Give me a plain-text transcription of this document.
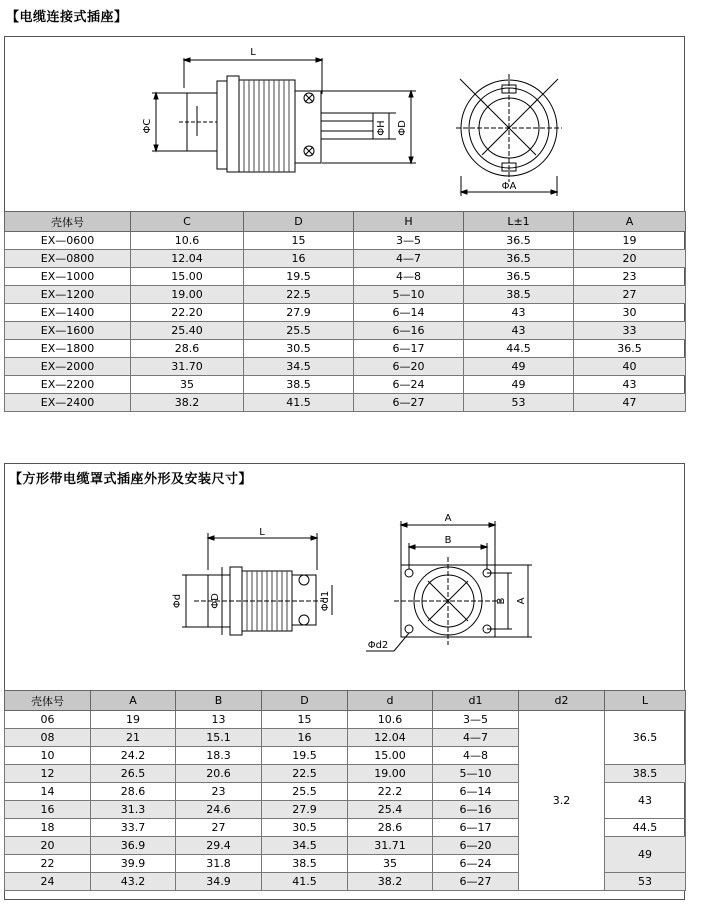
【电缆连接式插座】
L
ΦC	ΦH ΦD
ΦA
壳体号	C	D	H	L±1	A
EX—0600	10.6	15	3—5	36.5	19
EX—0800	12.04	16	4—7	36.5	20
EX—1000	15.00	19.5	4—8	36.5	23
EX—1200	19.00	22.5	5—10	38.5	27
EX—1400	22.20	27.9	6—14	43	30
EX—1600	25.40	25.5	6—16	43	33
EX—1800	28.6	30.5	6—17	44.5	36.5
EX—2000	31.70	34.5	6—20	49	40
EX—2200	35	38.5	6—24	49	43
EX—2400	38.2	41.5	6—27	53	47
【方形带电缆罩式插座外形及安装尺寸】
L
Φd	ΦD	Φd1
A
B
B A
Φd2
壳体号	A	B	D	d	d1	d2	L
06	19	13	15	10.6	3—5	3.2	36.5
08	21	15.1	16	12.04	4—7		
10	24.2	18.3	19.5	15.00	4—8		
12	26.5	20.6	22.5	19.00	5—10		38.5
14	28.6	23	25.5	22.2	6—14		43
16	31.3	24.6	27.9	25.4	6—16		
18	33.7	27	30.5	28.6	6—17		44.5
20	36.9	29.4	34.5	31.71	6—20		49
22	39.9	31.8	38.5	35	6—24		
24	43.2	34.9	41.5	38.2	6—27		53
